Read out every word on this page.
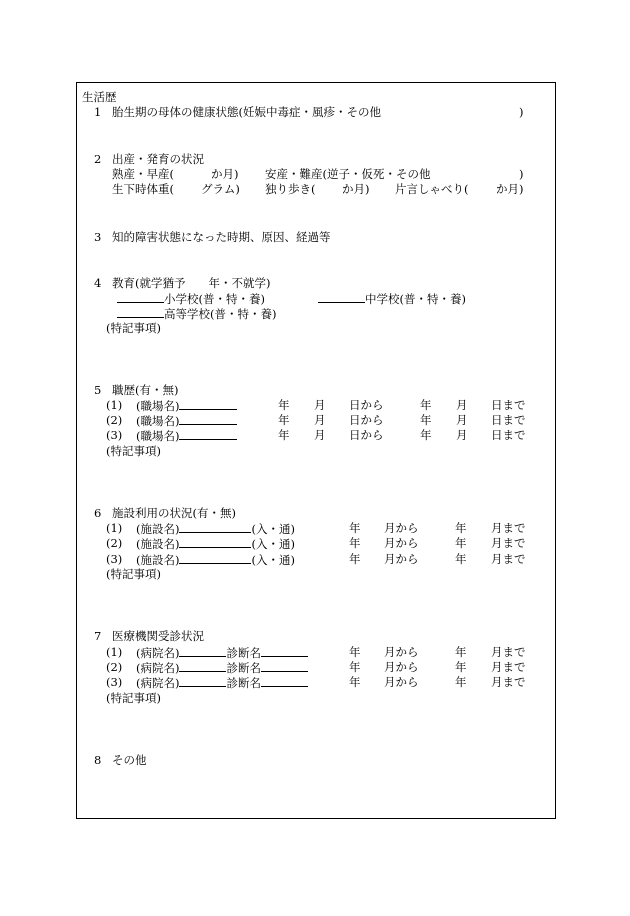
生活歴
1 胎生期の母体の健康状態(妊娠中毒症・風疹・その他	)
2 出産・発育の状況
熟産・早産(	か月) 安産・難産(逆子・仮死・その他	)
生下時体重( グラム) 独り歩き( か月) 片言しゃべり( か月)
3 知的障害状態になった時期、原因、経過等
4 教育(就学猶予　　年・不就学)
小学校(普・特・養)	中学校(普・特・養)
高等学校(普・特・養)
(特記事項)
5 職歴(有・無)
(1) (職場名)	年 月 日から	年 月 日まで
(2) (職場名)	年 月 日から	年 月 日まで
(3) (職場名)	年 月 日から	年 月 日まで
(特記事項)
6 施設利用の状況(有・無)
(1) (施設名)	(入・通)	年 月から	年 月まで
(2) (施設名)	(入・通)	年 月から	年 月まで
(3) (施設名)	(入・通)	年 月から	年 月まで
(特記事項)
7 医療機関受診状況
(1) (病院名)	診断名	年 月から	年 月まで
(2) (病院名)	診断名	年 月から	年 月まで
(3) (病院名)	診断名	年 月から	年 月まで
(特記事項)
8 その他
